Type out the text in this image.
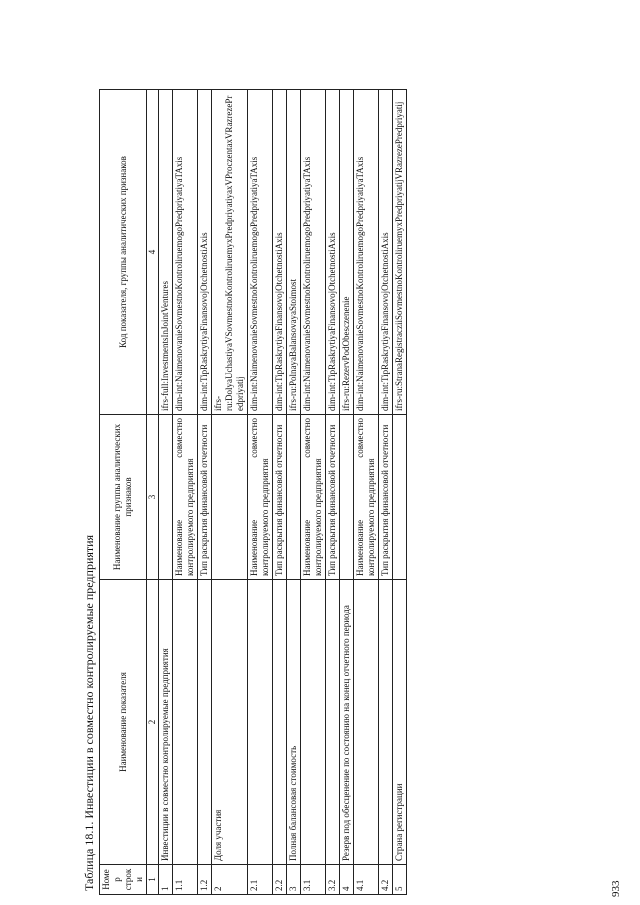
Таблица 18.1. Инвестиции в совместно контролируемые предприятия Номер строки	Наименование показателя	Наименование группы аналитических признаков	Код показателя, группы аналитических признаков
1	2	3	4
1	Инвестиции в совместно контролируемые предприятия		ifrs-full:InvestmentsInJointVentures
1.1		Наименование совместно контролируемого предприятия	dim-int:NaimenovanieSovmestnoKontroliruemogoPredpriyatiyaTAxis
1.2		Тип раскрытия финансовой отчетности	dim-int:TipRaskrytiyaFinansovojOtchetnostiAxis
2	Доля участия		ifrs-ru:DolyaUchastiyaVSovmestnoKontroliruemyxPredpriyatiyaxVProczentaxVRazrezePredpriyatij
2.1		Наименование совместно контролируемого предприятия	dim-int:NaimenovanieSovmestnoKontroliruemogoPredpriyatiyaTAxis
2.2		Тип раскрытия финансовой отчетности	dim-int:TipRaskrytiyaFinansovojOtchetnostiAxis
3	Полная балансовая стоимость		ifrs-ru:PolnayaBalansovayaStoimost
3.1		Наименование совместно контролируемого предприятия	dim-int:NaimenovanieSovmestnoKontroliruemogoPredpriyatiyaTAxis
3.2		Тип раскрытия финансовой отчетности	dim-int:TipRaskrytiyaFinansovojOtchetnostiAxis
4	Резерв под обесценение по состоянию на конец отчетного периода		ifrs-ru:RezervPodObesczenenie
4.1		Наименование совместно контролируемого предприятия	dim-int:NaimenovanieSovmestnoKontroliruemogoPredpriyatiyaTAxis
4.2		Тип раскрытия финансовой отчетности	dim-int:TipRaskrytiyaFinansovojOtchetnostiAxis
5	Страна регистрации		ifrs-ru:StranaRegistracziiSovmestnoKontroliruemyxPredpriyatijVRazrezePredpriyatij
933
